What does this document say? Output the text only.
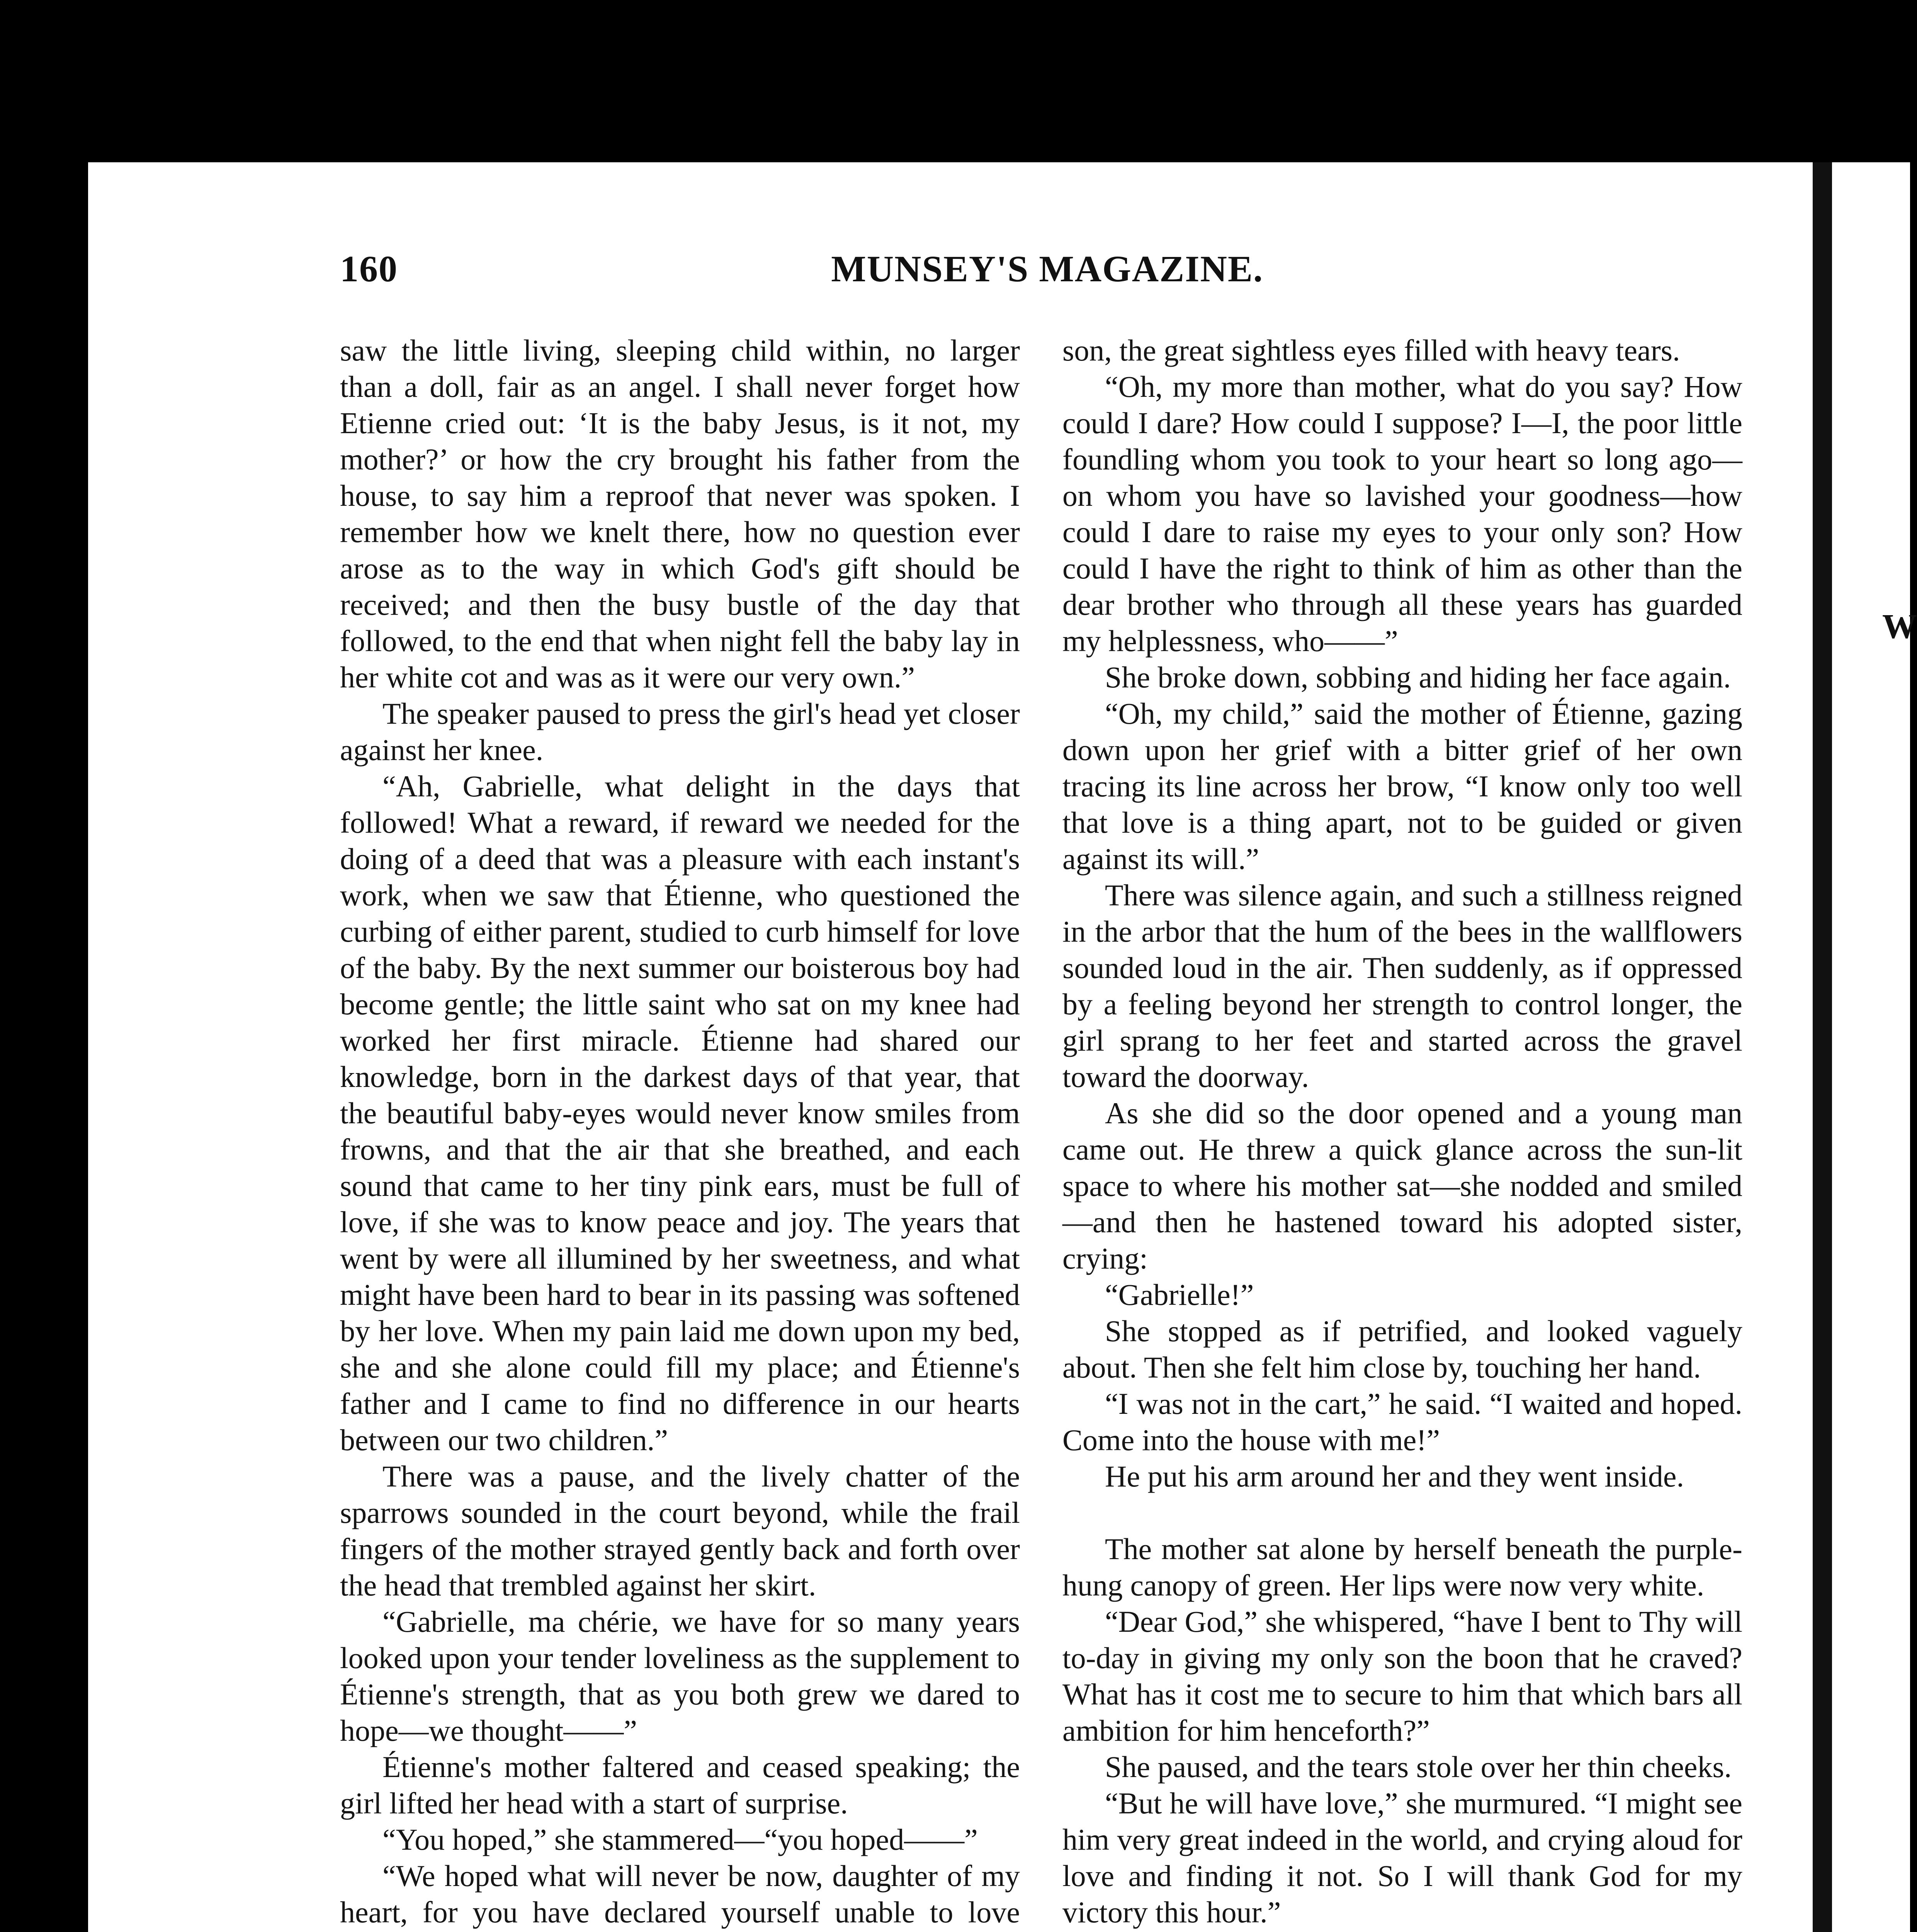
W
160	MUNSEY'S MAGAZINE.

saw the little living, sleeping child within, no larger than a doll, fair as an angel. I shall never forget how Etienne cried out: ‘It is the baby Jesus, is it not, my mother?’ or how the cry brought his father from the house, to say him a reproof that never was spoken. I remember how we knelt there, how no question ever arose as to the way in which God's gift should be received; and then the busy bustle of the day that followed, to the end that when night fell the baby lay in her white cot and was as it were our very own.”

The speaker paused to press the girl's head yet closer against her knee.

“Ah, Gabrielle, what delight in the days that followed! What a reward, if reward we needed for the doing of a deed that was a pleasure with each instant's work, when we saw that Étienne, who questioned the curbing of either parent, studied to curb himself for love of the baby. By the next summer our boisterous boy had become gentle; the little saint who sat on my knee had worked her first miracle. Étienne had shared our knowledge, born in the darkest days of that year, that the beautiful baby-eyes would never know smiles from frowns, and that the air that she breathed, and each sound that came to her tiny pink ears, must be full of love, if she was to know peace and joy. The years that went by were all illumined by her sweetness, and what might have been hard to bear in its passing was softened by her love. When my pain laid me down upon my bed, she and she alone could fill my place; and Étienne's father and I came to find no difference in our hearts between our two children.”

There was a pause, and the lively chatter of the sparrows sounded in the court beyond, while the frail fingers of the mother strayed gently back and forth over the head that trembled against her skirt.

“Gabrielle, ma chérie, we have for so many years looked upon your tender loveliness as the supplement to Étienne's strength, that as you both grew we dared to hope—we thought——”

Étienne's mother faltered and ceased speaking; the girl lifted her head with a start of surprise.

“You hoped,” she stammered—“you hoped——”

“We hoped what will never be now, daughter of my heart, for you have declared yourself unable to love

son, the great sightless eyes filled with heavy tears.

“Oh, my more than mother, what do you say? How could I dare? How could I suppose? I—I, the poor little foundling whom you took to your heart so long ago—on whom you have so lavished your goodness—how could I dare to raise my eyes to your only son? How could I have the right to think of him as other than the dear brother who through all these years has guarded my helplessness, who——”

She broke down, sobbing and hiding her face again.

“Oh, my child,” said the mother of Étienne, gazing down upon her grief with a bitter grief of her own tracing its line across her brow, “I know only too well that love is a thing apart, not to be guided or given against its will.”

There was silence again, and such a stillness reigned in the arbor that the hum of the bees in the wallflowers sounded loud in the air. Then suddenly, as if oppressed by a feeling beyond her strength to control longer, the girl sprang to her feet and started across the gravel toward the doorway.

As she did so the door opened and a young man came out. He threw a quick glance across the sun-lit space to where his mother sat—she nodded and smiled—and then he hastened toward his adopted sister, crying:

“Gabrielle!”

She stopped as if petrified, and looked vaguely about. Then she felt him close by, touching her hand.

“I was not in the cart,” he said. “I waited and hoped. Come into the house with me!”

He put his arm around her and they went inside.

The mother sat alone by herself beneath the purple-hung canopy of green. Her lips were now very white.

“Dear God,” she whispered, “have I bent to Thy will to-day in giving my only son the boon that he craved? What has it cost me to secure to him that which bars all ambition for him henceforth?”

She paused, and the tears stole over her thin cheeks.

“But he will have love,” she murmured. “I might see him very great indeed in the world, and crying aloud for love and finding it not. So I will thank God for my victory this hour.”
